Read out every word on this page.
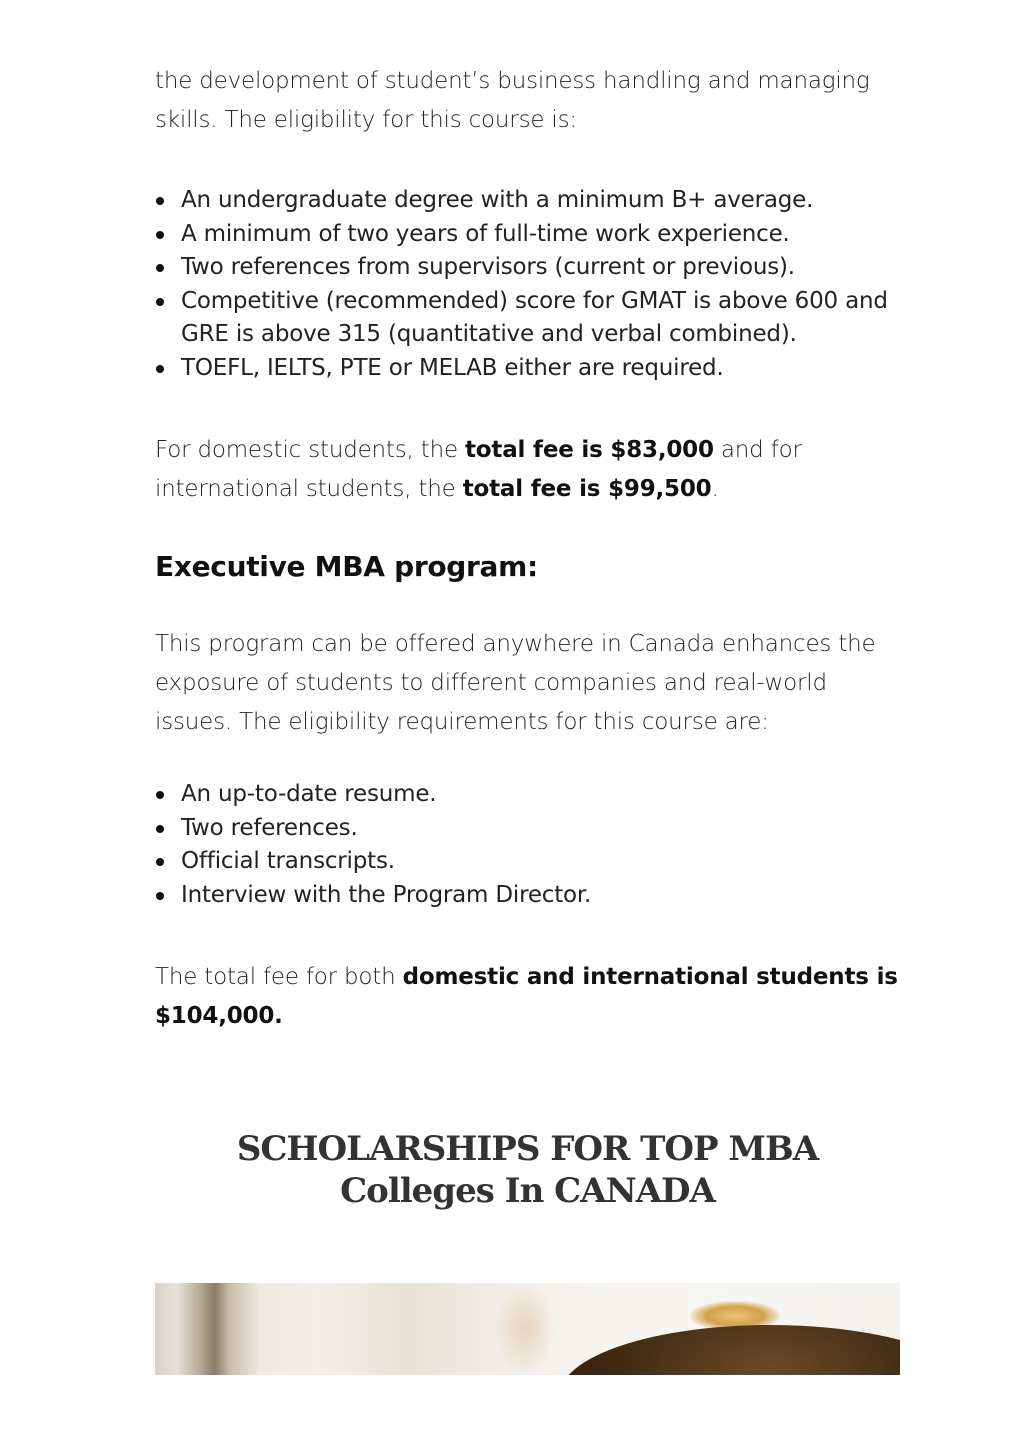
the development of student’s business handling and managing skills. The eligibility for this course is:

An undergraduate degree with a minimum B+ average.
A minimum of two years of full-time work experience.
Two references from supervisors (current or previous).
Competitive (recommended) score for GMAT is above 600 and GRE is above 315 (quantitative and verbal combined).
TOEFL, IELTS, PTE or MELAB either are required.

For domestic students, the total fee is $83,000 and for international students, the total fee is $99,500.

Executive MBA program:

This program can be offered anywhere in Canada enhances the exposure of students to different companies and real-world issues. The eligibility requirements for this course are:

An up-to-date resume.
Two references.
Official transcripts.
Interview with the Program Director.

The total fee for both domestic and international students is $104,000.

SCHOLARSHIPS FOR TOP MBA Colleges In CANADA
